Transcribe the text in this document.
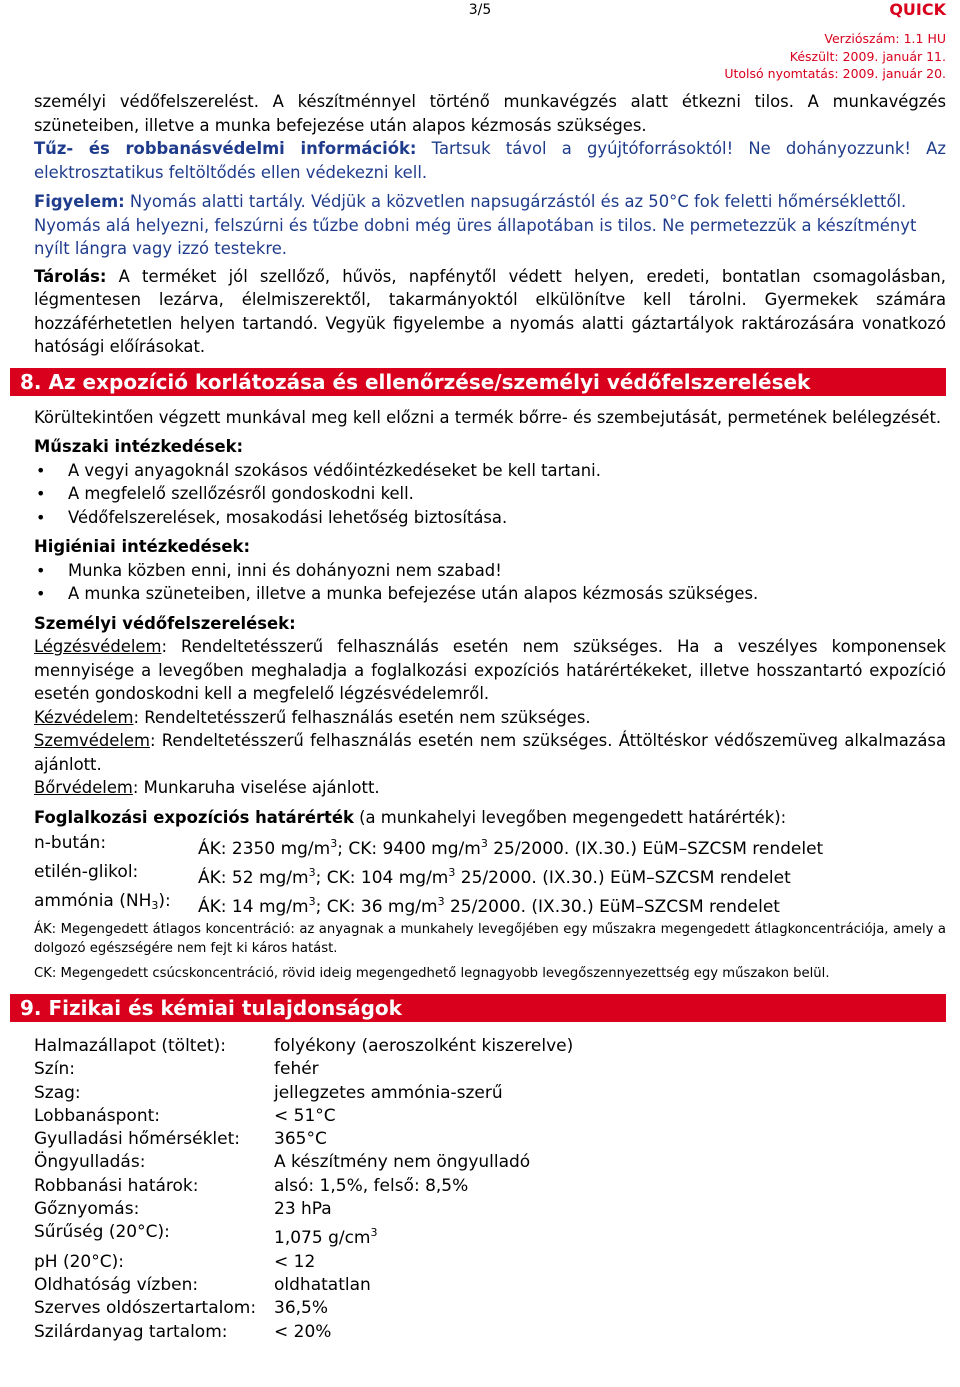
3/5	QUICK
Verziószám: 1.1 HU
Készült: 2009. január 11.
Utolsó nyomtatás: 2009. január 20.

személyi védőfelszerelést. A készítménnyel történő munkavégzés alatt étkezni tilos. A munkavégzés szüneteiben, illetve a munka befejezése után alapos kézmosás szükséges.

Tűz- és robbanásvédelmi információk: Tartsuk távol a gyújtóforrásoktól! Ne dohányozzunk! Az elektrosztatikus feltöltődés ellen védekezni kell.

Figyelem: Nyomás alatti tartály. Védjük a közvetlen napsugárzástól és az 50°C fok feletti hőmérséklettől. Nyomás alá helyezni, felszúrni és tűzbe dobni még üres állapotában is tilos. Ne permetezzük a készítményt nyílt lángra vagy izzó testekre.

Tárolás: A terméket jól szellőző, hűvös, napfénytől védett helyen, eredeti, bontatlan csomagolásban, légmentesen lezárva, élelmiszerektől, takarmányoktól elkülönítve kell tárolni. Gyermekek számára hozzáférhetetlen helyen tartandó. Vegyük figyelembe a nyomás alatti gáztartályok raktározására vonatkozó hatósági előírásokat.

8. Az expozíció korlátozása és ellenőrzése/személyi védőfelszerelések

Körültekintően végzett munkával meg kell előzni a termék bőrre- és szembejutását, permetének belélegzését.

Műszaki intézkedések:

• A vegyi anyagoknál szokásos védőintézkedéseket be kell tartani.
• A megfelelő szellőzésről gondoskodni kell.
• Védőfelszerelések, mosakodási lehetőség biztosítása.

Higiéniai intézkedések:

• Munka közben enni, inni és dohányozni nem szabad!
• A munka szüneteiben, illetve a munka befejezése után alapos kézmosás szükséges.

Személyi védőfelszerelések:

Légzésvédelem: Rendeltetésszerű felhasználás esetén nem szükséges. Ha a veszélyes komponensek mennyisége a levegőben meghaladja a foglalkozási expozíciós határértékeket, illetve hosszantartó expozíció esetén gondoskodni kell a megfelelő légzésvédelemről.

Kézvédelem: Rendeltetésszerű felhasználás esetén nem szükséges.

Szemvédelem: Rendeltetésszerű felhasználás esetén nem szükséges. Áttöltéskor védőszemüveg alkalmazása ajánlott.

Bőrvédelem: Munkaruha viselése ajánlott.

Foglalkozási expozíciós határérték (a munkahelyi levegőben megengedett határérték):

n-bután:	ÁK: 2350 $mg/m^3$; CK: 9400 $mg/m^3$ 25/2000. (IX.30.) EüM–SZCSM rendelet
etilén-glikol:	ÁK: 52 $mg/m^3$; CK: 104 $mg/m^3$ 25/2000. (IX.30.) EüM–SZCSM rendelet
ammónia $(NH_3)$:	ÁK: 14 $mg/m^3$; CK: 36 $mg/m^3$ 25/2000. (IX.30.) EüM–SZCSM rendelet

ÁK: Megengedett átlagos koncentráció: az anyagnak a munkahely levegőjében egy műszakra megengedett átlagkoncentrációja, amely a dolgozó egészségére nem fejt ki káros hatást.

CK: Megengedett csúcskoncentráció, rövid ideig megengedhető legnagyobb levegőszennyezettség egy műszakon belül.

9. Fizikai és kémiai tulajdonságok
Halmazállapot (töltet):	folyékony (aeroszolként kiszerelve)
Szín:	fehér
Szag:	jellegzetes ammónia-szerű
Lobbanáspont:	< 51°C
Gyulladási hőmérséklet:	365°C
Öngyulladás:	A készítmény nem öngyulladó
Robbanási határok:	alsó: 1,5%, felső: 8,5%
Gőznyomás:	23 hPa
Sűrűség (20°C):	1,075 $g/cm^3$
pH (20°C):	< 12
Oldhatóság vízben:	oldhatatlan
Szerves oldószertartalom:	36,5%
Szilárdanyag tartalom:	< 20%
